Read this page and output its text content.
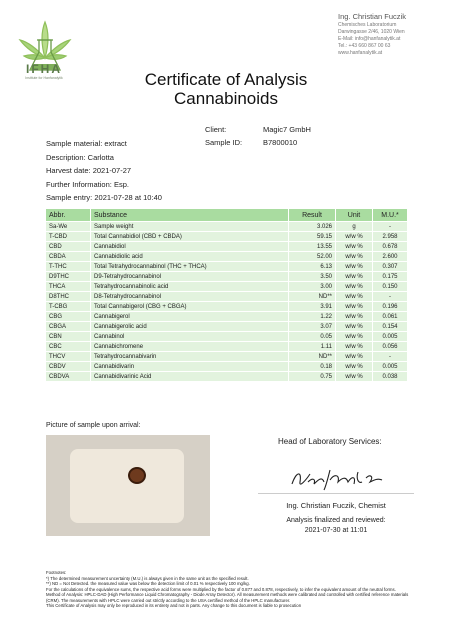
IFHA
Institute for Hanfanalytik
Ing. Christian Fuczik
Chemisches Laboratorium
Darwingasse 2/46, 1020 Wien
E-Mail: info@hanfanalytik.at
Tel.: +43 660 867 00 63
www.hanfanalytik.at
Certificate of Analysis
Cannabinoids
Client:	Magic7 GmbH
Sample ID:	B7800010
Sample material: extract
Description: Carlotta
Harvest date: 2021-07-27
Further Information: Esp.
Sample entry: 2021-07-28 at 10:40
Abbr.	Substance	Result	Unit	M.U.*
Sa-We	Sample weight	3.026	g	-
T-CBD	Total Cannabidiol (CBD + CBDA)	59.15	w/w %	2.958
CBD	Cannabidiol	13.55	w/w %	0.678
CBDA	Cannabidiolic acid	52.00	w/w %	2.600
T-THC	Total Tetrahydrocannabinol (THC + THCA)	6.13	w/w %	0.307
D9THC	D9-Tetrahydrocannabinol	3.50	w/w %	0.175
THCA	Tetrahydrocannabinolic acid	3.00	w/w %	0.150
D8THC	D8-Tetrahydrocannabinol	ND**	w/w %	-
T-CBG	Total Cannabigerol (CBG + CBGA)	3.91	w/w %	0.196
CBG	Cannabigerol	1.22	w/w %	0.061
CBGA	Cannabigerolic acid	3.07	w/w %	0.154
CBN	Cannabinol	0.05	w/w %	0.005
CBC	Cannabichromene	1.11	w/w %	0.056
THCV	Tetrahydrocannabivarin	ND**	w/w %	-
CBDV	Cannabidivarin	0.18	w/w %	0.005
CBDVA	Cannabidivarinic Acid	0.75	w/w %	0.038
Picture of sample upon arrival:
Head of Laboratory Services:
Ing. Christian Fuczik, Chemist
Analysis finalized and reviewed:
2021-07-30 at 11:01
Footnotes:
*) The determined measurement uncertainty (M.U.) is always given in the same unit as the specified result.
**) ND = Not Detected. the measured value was below the detection limit of 0.01 % respectively 100 mg/kg.
For the calculations of the equivalence sums, the respective acid forms were multiplied by the factor of 0.877 and 0.878, respectively, to infer the equivalent amount of the neutral forms.
Method of Analysis: HPLC-DAD (High Performance Liquid Chromatography - Diode Array Detector). All measurement methods were calibrated and controlled with certified reference materials (CRM). The measurements with HPLC were carried out strictly according to the USA certified method of the HPLC manufacturer.
This Certificate of Analysis may only be reproduced in its entirety and not in parts. Any change to this document is liable to prosecution
